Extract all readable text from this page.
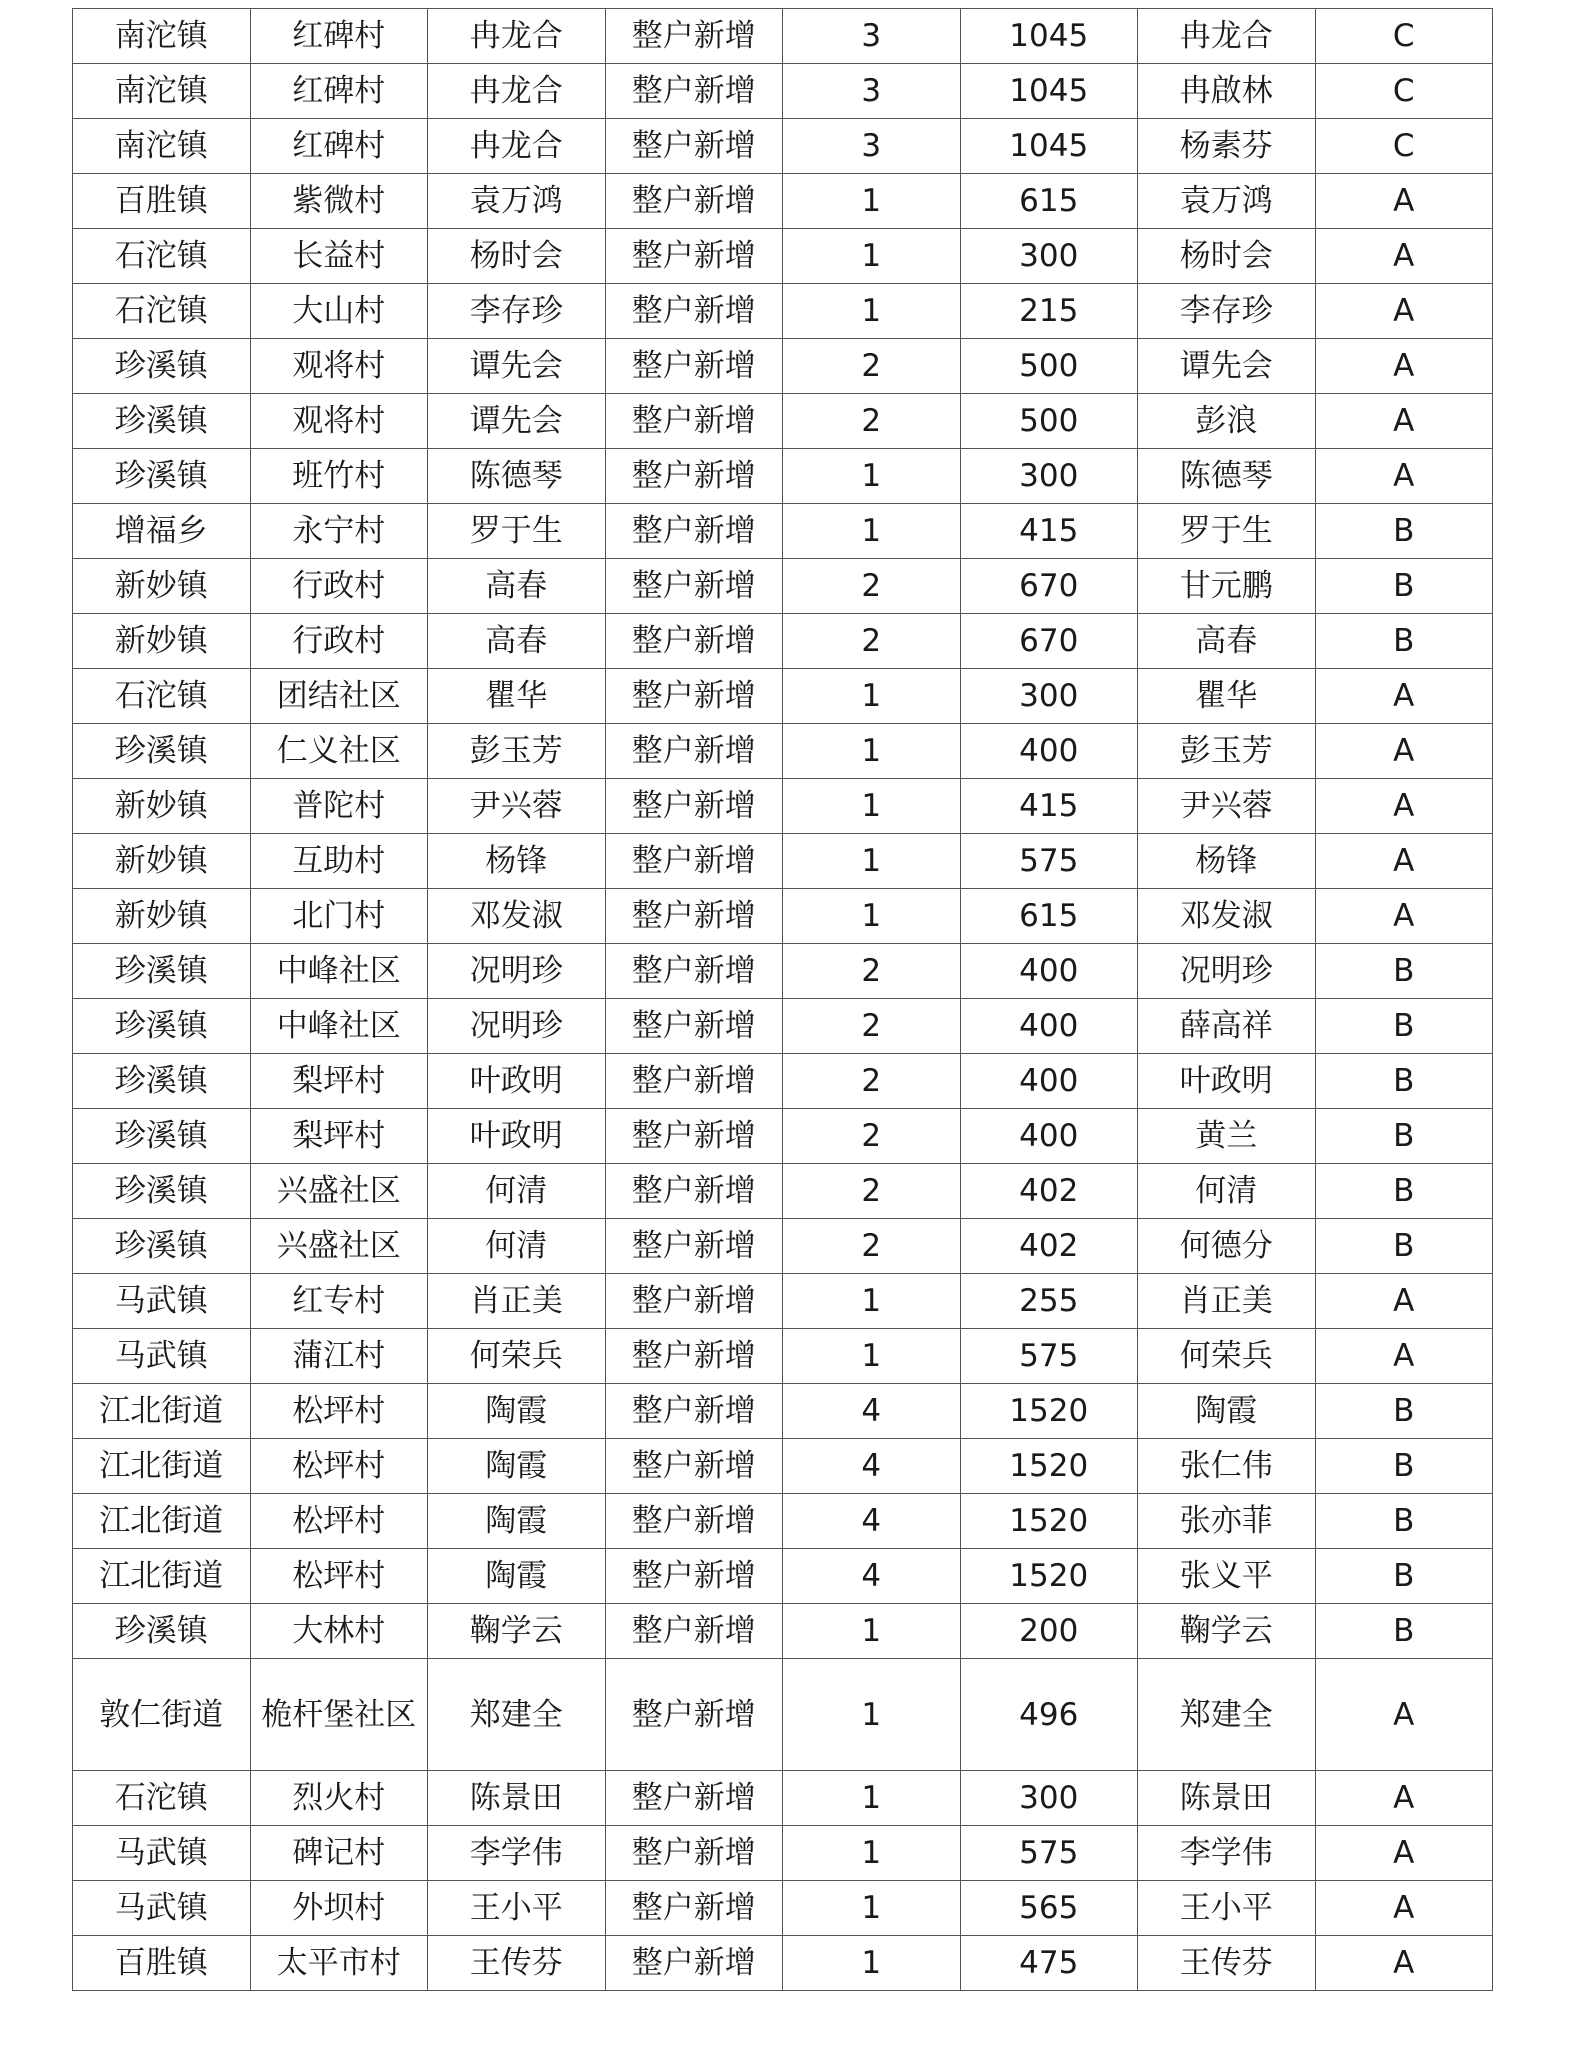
南沱镇	红碑村	冉龙合	整户新增	3	1045	冉龙合	C
南沱镇	红碑村	冉龙合	整户新增	3	1045	冉啟林	C
南沱镇	红碑村	冉龙合	整户新增	3	1045	杨素芬	C
百胜镇	紫微村	袁万鸿	整户新增	1	615	袁万鸿	A
石沱镇	长益村	杨时会	整户新增	1	300	杨时会	A
石沱镇	大山村	李存珍	整户新增	1	215	李存珍	A
珍溪镇	观将村	谭先会	整户新增	2	500	谭先会	A
珍溪镇	观将村	谭先会	整户新增	2	500	彭浪	A
珍溪镇	班竹村	陈德琴	整户新增	1	300	陈德琴	A
增福乡	永宁村	罗于生	整户新增	1	415	罗于生	B
新妙镇	行政村	高春	整户新增	2	670	甘元鹏	B
新妙镇	行政村	高春	整户新增	2	670	高春	B
石沱镇	团结社区	瞿华	整户新增	1	300	瞿华	A
珍溪镇	仁义社区	彭玉芳	整户新增	1	400	彭玉芳	A
新妙镇	普陀村	尹兴蓉	整户新增	1	415	尹兴蓉	A
新妙镇	互助村	杨锋	整户新增	1	575	杨锋	A
新妙镇	北门村	邓发淑	整户新增	1	615	邓发淑	A
珍溪镇	中峰社区	况明珍	整户新增	2	400	况明珍	B
珍溪镇	中峰社区	况明珍	整户新增	2	400	薛高祥	B
珍溪镇	梨坪村	叶政明	整户新增	2	400	叶政明	B
珍溪镇	梨坪村	叶政明	整户新增	2	400	黄兰	B
珍溪镇	兴盛社区	何清	整户新增	2	402	何清	B
珍溪镇	兴盛社区	何清	整户新增	2	402	何德分	B
马武镇	红专村	肖正美	整户新增	1	255	肖正美	A
马武镇	蒲江村	何荣兵	整户新增	1	575	何荣兵	A
江北街道	松坪村	陶霞	整户新增	4	1520	陶霞	B
江北街道	松坪村	陶霞	整户新增	4	1520	张仁伟	B
江北街道	松坪村	陶霞	整户新增	4	1520	张亦菲	B
江北街道	松坪村	陶霞	整户新增	4	1520	张义平	B
珍溪镇	大林村	鞠学云	整户新增	1	200	鞠学云	B
敦仁街道	桅杆堡社区	郑建全	整户新增	1	496	郑建全	A
石沱镇	烈火村	陈景田	整户新增	1	300	陈景田	A
马武镇	碑记村	李学伟	整户新增	1	575	李学伟	A
马武镇	外坝村	王小平	整户新增	1	565	王小平	A
百胜镇	太平市村	王传芬	整户新增	1	475	王传芬	A
